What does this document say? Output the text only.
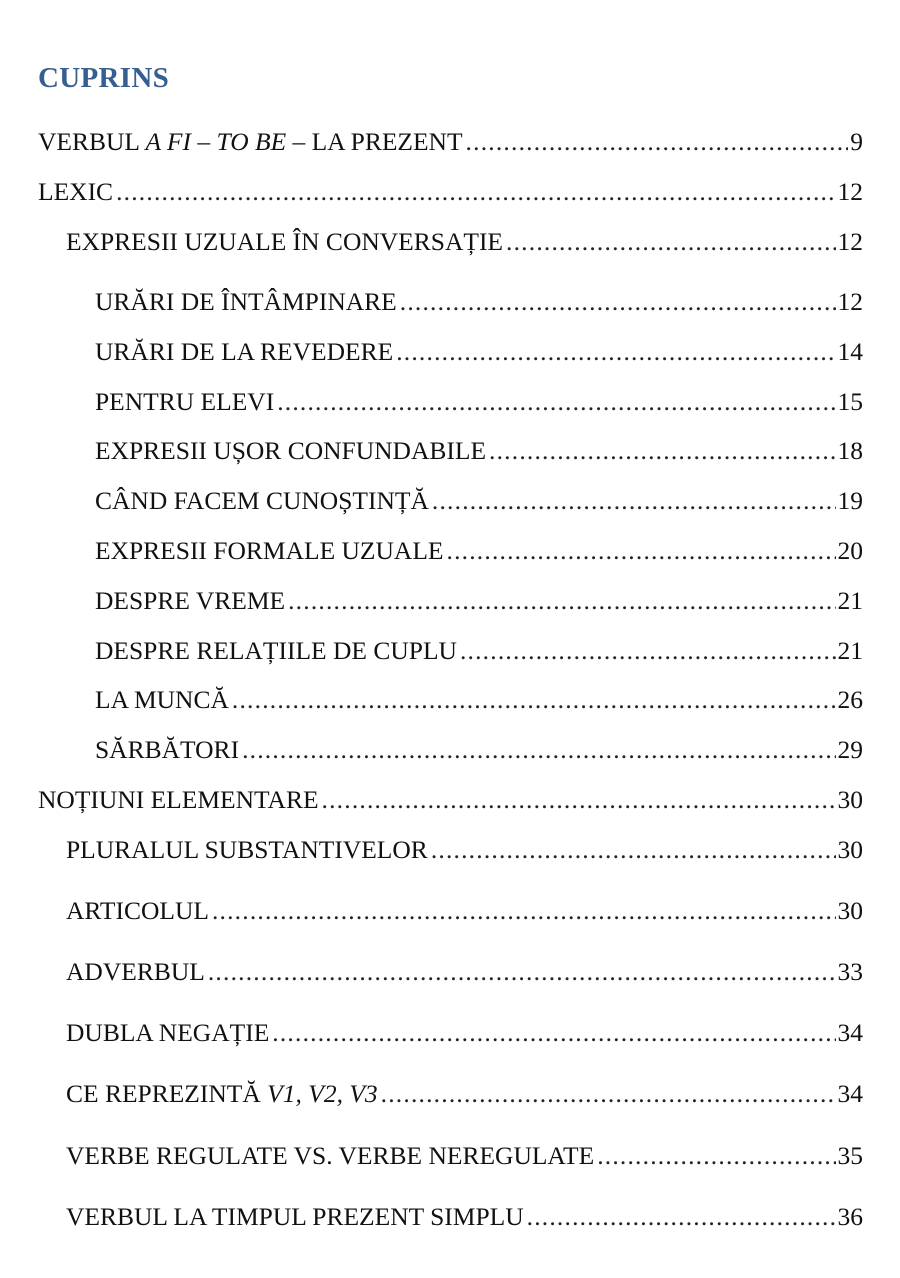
CUPRINS
VERBUL A FI – TO BE – LA PREZENT .....	9
LEXIC .....	12
EXPRESII UZUALE ÎN CONVERSAȚIE .....	12
URĂRI DE ÎNTÂMPINARE .....	12
URĂRI DE LA REVEDERE .....	14
PENTRU ELEVI .....	15
EXPRESII UȘOR CONFUNDABILE .....	18
CÂND FACEM CUNOȘTINȚĂ .....	19
EXPRESII FORMALE UZUALE .....	20
DESPRE VREME .....	21
DESPRE RELAȚIILE DE CUPLU .....	21
LA MUNCĂ .....	26
SĂRBĂTORI .....	29
NOȚIUNI ELEMENTARE .....	30
PLURALUL SUBSTANTIVELOR .....	30
ARTICOLUL .....	30
ADVERBUL .....	33
DUBLA NEGAȚIE .....	34
CE REPREZINTĂ V1, V2, V3 .....	34
VERBE REGULATE VS. VERBE NEREGULATE .....	35
VERBUL LA TIMPUL PREZENT SIMPLU .....	36
